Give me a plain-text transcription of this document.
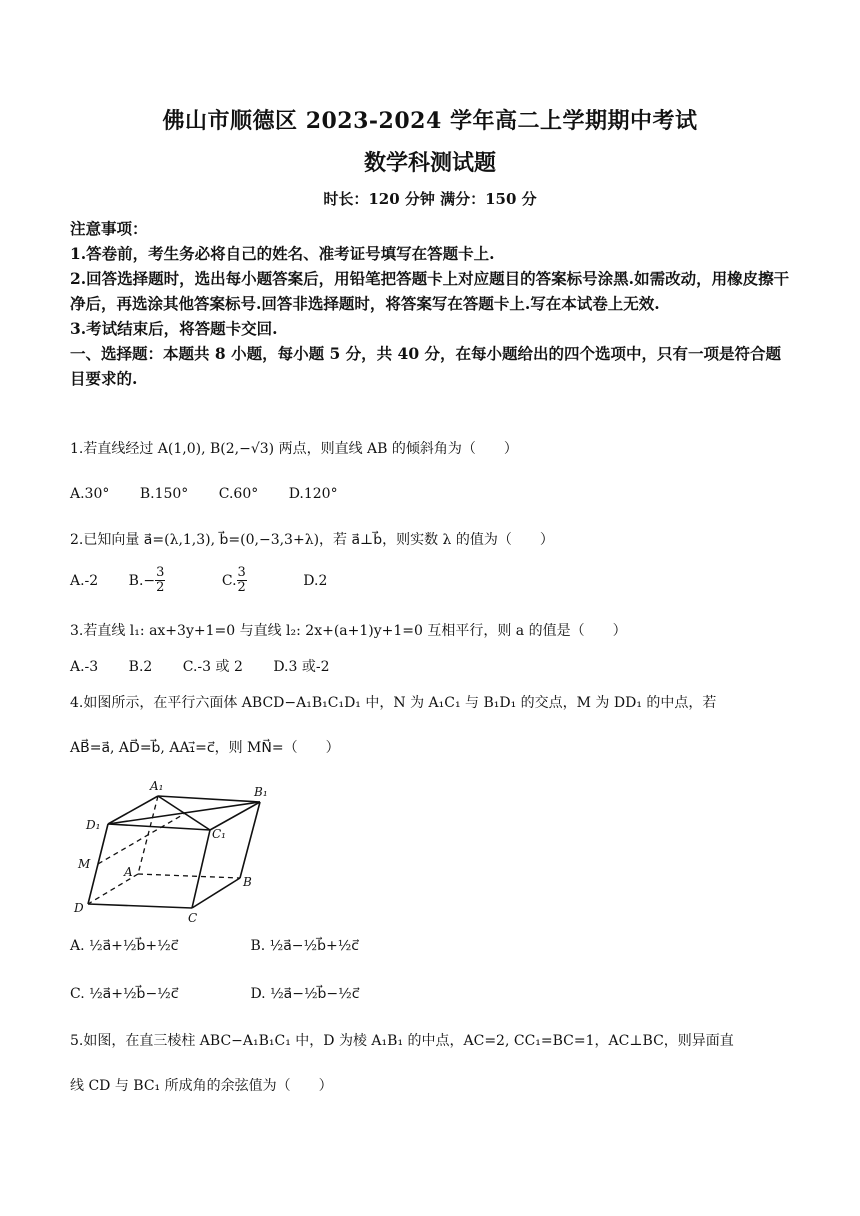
佛山市顺德区 2023-2024 学年高二上学期期中考试
数学科测试题
时长：120 分钟 满分：150 分

注意事项：

1.答卷前，考生务必将自己的姓名、准考证号填写在答题卡上.

2.回答选择题时，选出每小题答案后，用铅笔把答题卡上对应题目的答案标号涂黑.如需改动，用橡皮擦干净后，再选涂其他答案标号.回答非选择题时，将答案写在答题卡上.写在本试卷上无效.

3.考试结束后，将答题卡交回.

一、选择题：本题共 8 小题，每小题 5 分，共 40 分，在每小题给出的四个选项中，只有一项是符合题目要求的.

1.若直线经过 A(1,0), B(2,−√3) 两点，则直线 AB 的倾斜角为（　　）
A.30° B.150° C.60° D.120°
2.已知向量 a⃗=(λ,1,3), b⃗=(0,−3,3+λ)，若 a⃗⊥b⃗，则实数 λ 的值为（　　）
A.-2 $B.- \frac{3}{2} C$. $\frac{3}{2} D.2$
3.若直线 l₁: ax+3y+1=0 与直线 l₂: 2x+(a+1)y+1=0 互相平行，则 a 的值是（　　）
A.-3 B.2 C.-3 或 2 D.3 或-2
4.如图所示，在平行六面体 ABCD−A₁B₁C₁D₁ 中，N 为 A₁C₁ 与 B₁D₁ 的交点，M 为 DD₁ 的中点，若
AB⃗=a⃗, AD⃗=b⃗, AA₁⃗=c⃗，则 MN⃗=（　　）
A₁	B₁
D₁
C₁
M
A
B
D
C
A. ½a⃗+½b⃗+½c⃗	B. ½a⃗−½b⃗+½c⃗
C. ½a⃗+½b⃗−½c⃗	D. ½a⃗−½b⃗−½c⃗
5.如图，在直三棱柱 ABC−A₁B₁C₁ 中，D 为棱 A₁B₁ 的中点，AC=2, CC₁=BC=1，AC⊥BC，则异面直
线 CD 与 BC₁ 所成角的余弦值为（　　）
